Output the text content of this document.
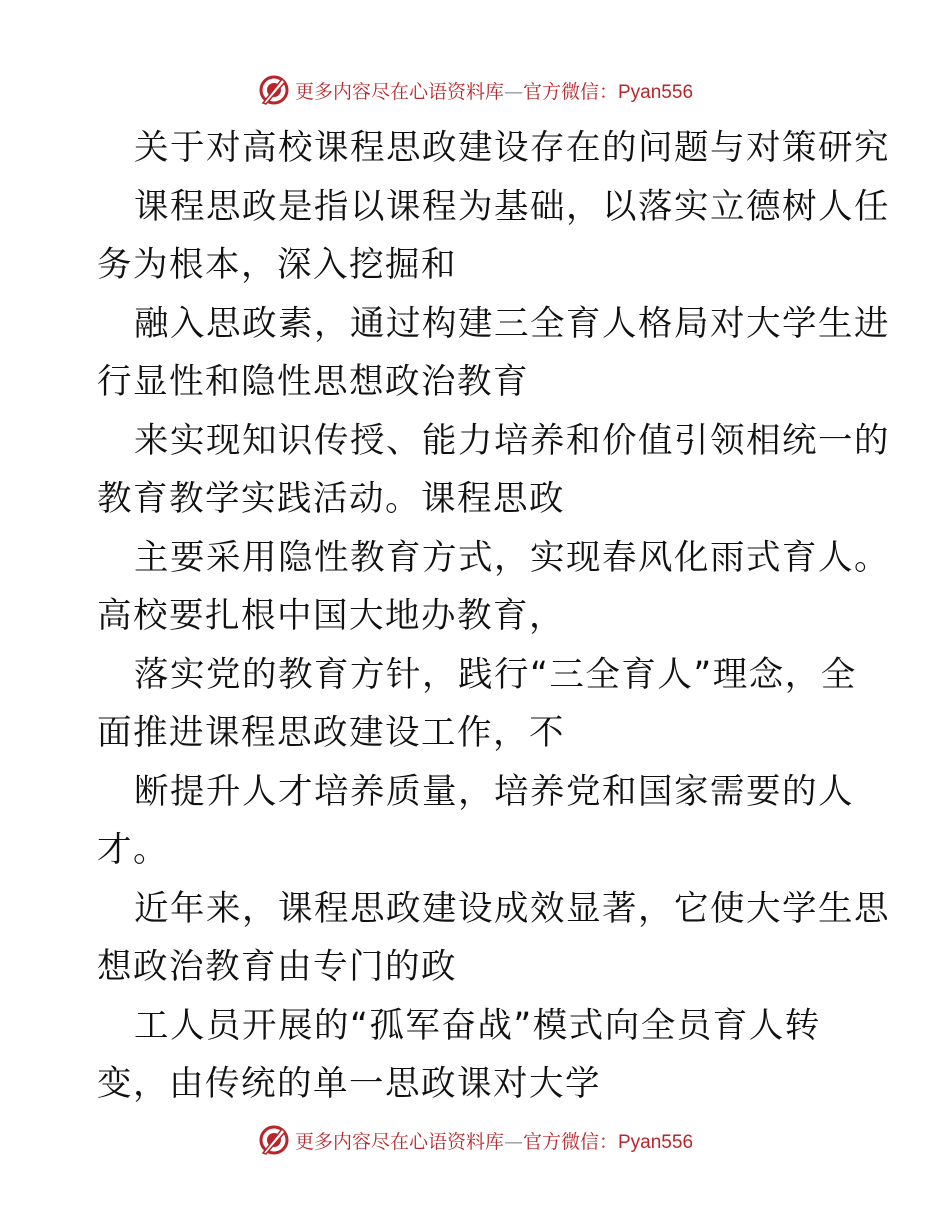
更多内容尽在心语资料库—官方微信：Pyan556
关于对高校课程思政建设存在的问题与对策研究
课程思政是指以课程为基础，以落实立德树人任
务为根本，深入挖掘和
融入思政素，通过构建三全育人格局对大学生进
行显性和隐性思想政治教育
来实现知识传授、能力培养和价值引领相统一的
教育教学实践活动。课程思政
主要采用隐性教育方式，实现春风化雨式育人。
高校要扎根中国大地办教育，
落实党的教育方针，践行“三全育人”理念，全
面推进课程思政建设工作，不
断提升人才培养质量，培养党和国家需要的人
才。
近年来，课程思政建设成效显著，它使大学生思
想政治教育由专门的政
工人员开展的“孤军奋战”模式向全员育人转
变，由传统的单一思政课对大学
更多内容尽在心语资料库—官方微信：Pyan556
